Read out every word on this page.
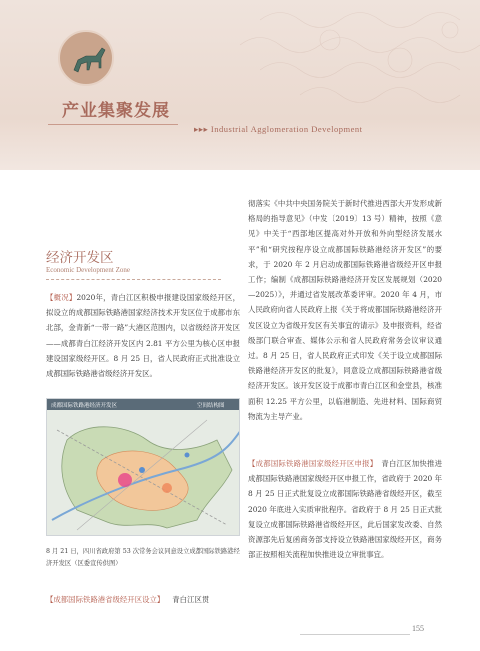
产业集聚发展
▸▸▸ Industrial Agglomeration Development
经济开发区
Economic Development Zone
【概况】2020年，青白江区积极申报建设国家级经开区，拟设立的成都国际铁路港国家经济技术开发区位于成都市东北部，金青新“一带一路”大港区范围内，以省级经济开发区——成都青白江经济开发区内 2.81 平方公里为核心区申报建设国家级经开区。8 月 25 日，省人民政府正式批准设立成都国际铁路港省级经济开发区。
成都国际铁路港经济开发区	空间结构图
8 月 21 日，四川省政府第 53 次常务会议同意设立成都国际铁路港经济开发区（区委宣传供图）
【成都国际铁路港省级经开区设立】 青白江区贯
彻落实《中共中央国务院关于新时代推进西部大开发形成新格局的指导意见》（中发〔2019〕13 号）精神，按照《意见》中关于“西部地区提高对外开放和外向型经济发展水平”和“研究按程序设立成都国际铁路港经济开发区”的要求，于 2020 年 2 月启动成都国际铁路港省级经开区申报工作；编制《成都国际铁路港经济开发区发展规划（2020—2025）》，并通过省发展改革委评审。2020 年 4 月，市人民政府向省人民政府上报《关于将成都国际铁路港经济开发区设立为省级开发区有关事宜的请示》及申报资料，经省级部门联合审查、媒体公示和省人民政府常务会议审议通过。8 月 25 日，省人民政府正式印发《关于设立成都国际铁路港经济开发区的批复》，同意设立成都国际铁路港省级经济开发区。该开发区设于成都市青白江区和金堂县，核准面积 12.25 平方公里，以临港制造、先进材料、国际商贸物流为主导产业。
【成都国际铁路港国家级经开区申报】 青白江区加快推进成都国际铁路港国家级经开区申报工作，省政府于 2020 年 8 月 25 日正式批复设立成都国际铁路港省级经开区，截至 2020 年底进入实质审批程序。省政府于 8 月 25 日正式批复设立成都国际铁路港省级经开区，此后国家发改委、自然资源部先后复函商务部支持设立铁路港国家级经开区，商务部正按照相关流程加快推进设立审批事宜。
155
